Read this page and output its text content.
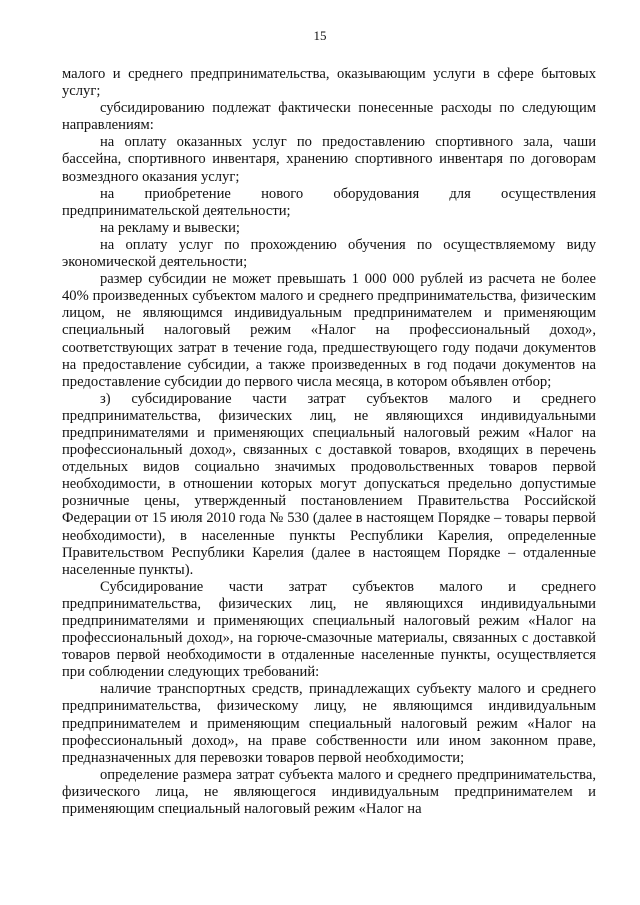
15

малого и среднего предпринимательства, оказывающим услуги в сфере бытовых услуг;

субсидированию подлежат фактически понесенные расходы по следующим направлениям:

на оплату оказанных услуг по предоставлению спортивного зала, чаши бассейна, спортивного инвентаря, хранению спортивного инвентаря по договорам возмездного оказания услуг;

на приобретение нового оборудования для осуществления предпринимательской деятельности;

на рекламу и вывески;

на оплату услуг по прохождению обучения по осуществляемому виду экономической деятельности;

размер субсидии не может превышать 1 000 000 рублей из расчета не более 40% произведенных субъектом малого и среднего предпринимательства, физическим лицом, не являющимся индивидуальным предпринимателем и применяющим специальный налоговый режим «Налог на профессиональный доход», соответствующих затрат в течение года, предшествующего году подачи документов на предоставление субсидии, а также произведенных в год подачи документов на предоставление субсидии до первого числа месяца, в котором объявлен отбор;

з) субсидирование части затрат субъектов малого и среднего предпринимательства, физических лиц, не являющихся индивидуальными предпринимателями и применяющих специальный налоговый режим «Налог на профессиональный доход», связанных с доставкой товаров, входящих в перечень отдельных видов социально значимых продовольственных товаров первой необходимости, в отношении которых могут допускаться предельно допустимые розничные цены, утвержденный постановлением Правительства Российской Федерации от 15 июля 2010 года № 530 (далее в настоящем Порядке – товары первой необходимости), в населенные пункты Республики Карелия, определенные Правительством Республики Карелия (далее в настоящем Порядке – отдаленные населенные пункты).

Субсидирование части затрат субъектов малого и среднего предпринимательства, физических лиц, не являющихся индивидуальными предпринимателями и применяющих специальный налоговый режим «Налог на профессиональный доход», на горюче-смазочные материалы, связанных с доставкой товаров первой необходимости в отдаленные населенные пункты, осуществляется при соблюдении следующих требований:

наличие транспортных средств, принадлежащих субъекту малого и среднего предпринимательства, физическому лицу, не являющимся индивидуальным предпринимателем и применяющим специальный налоговый режим «Налог на профессиональный доход», на праве собственности или ином законном праве, предназначенных для перевозки товаров первой необходимости;

определение размера затрат субъекта малого и среднего предпринимательства, физического лица, не являющегося индивидуальным предпринимателем и применяющим специальный налоговый режим «Налог на
